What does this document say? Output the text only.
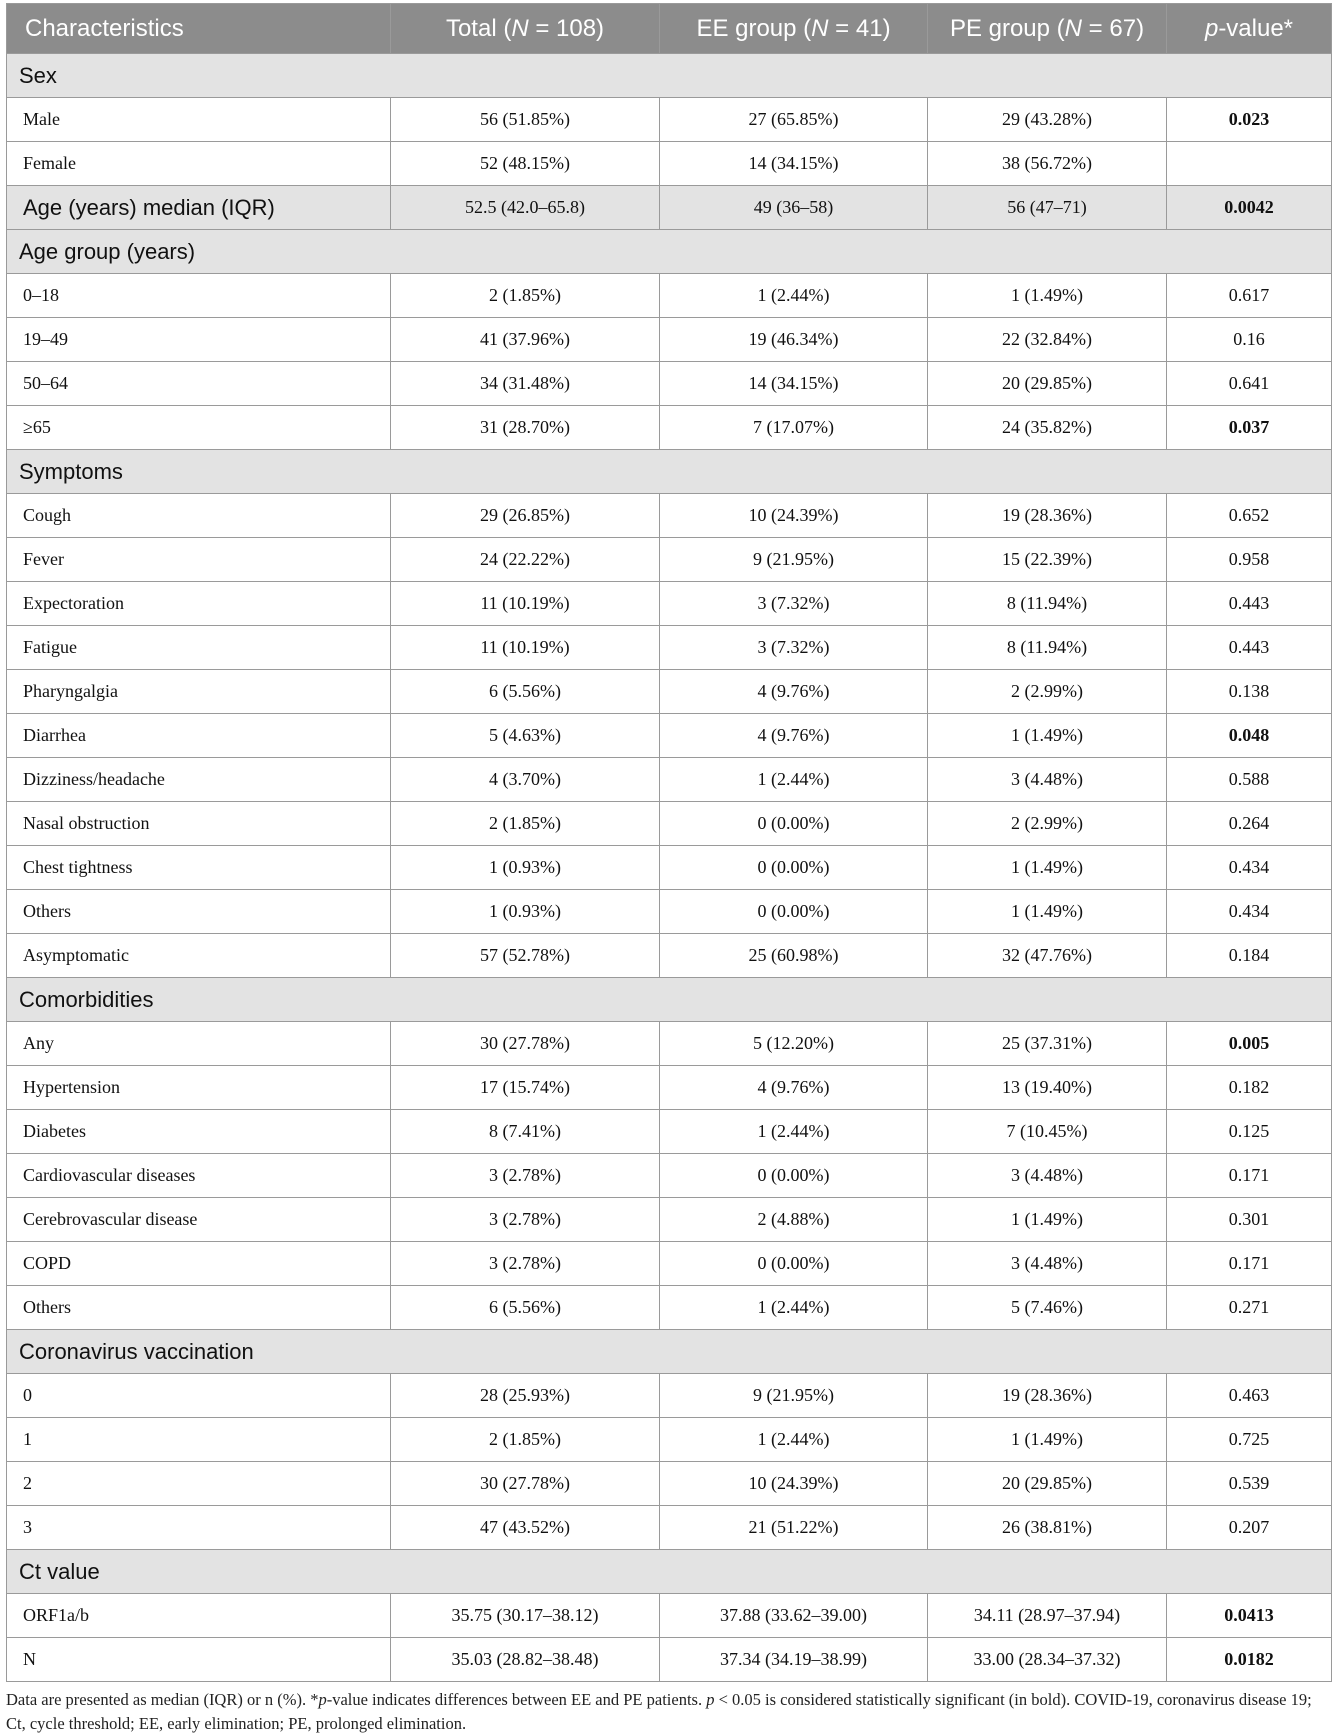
Characteristics	Total (N = 108)	EE group (N = 41)	PE group (N = 67)	p-value*
Sex				
Male	56 (51.85%)	27 (65.85%)	29 (43.28%)	0.023
Female	52 (48.15%)	14 (34.15%)	38 (56.72%)	
Age (years) median (IQR)	52.5 (42.0–65.8)	49 (36–58)	56 (47–71)	0.0042
Age group (years)				
0–18	2 (1.85%)	1 (2.44%)	1 (1.49%)	0.617
19–49	41 (37.96%)	19 (46.34%)	22 (32.84%)	0.16
50–64	34 (31.48%)	14 (34.15%)	20 (29.85%)	0.641
≥65	31 (28.70%)	7 (17.07%)	24 (35.82%)	0.037
Symptoms				
Cough	29 (26.85%)	10 (24.39%)	19 (28.36%)	0.652
Fever	24 (22.22%)	9 (21.95%)	15 (22.39%)	0.958
Expectoration	11 (10.19%)	3 (7.32%)	8 (11.94%)	0.443
Fatigue	11 (10.19%)	3 (7.32%)	8 (11.94%)	0.443
Pharyngalgia	6 (5.56%)	4 (9.76%)	2 (2.99%)	0.138
Diarrhea	5 (4.63%)	4 (9.76%)	1 (1.49%)	0.048
Dizziness/headache	4 (3.70%)	1 (2.44%)	3 (4.48%)	0.588
Nasal obstruction	2 (1.85%)	0 (0.00%)	2 (2.99%)	0.264
Chest tightness	1 (0.93%)	0 (0.00%)	1 (1.49%)	0.434
Others	1 (0.93%)	0 (0.00%)	1 (1.49%)	0.434
Asymptomatic	57 (52.78%)	25 (60.98%)	32 (47.76%)	0.184
Comorbidities				
Any	30 (27.78%)	5 (12.20%)	25 (37.31%)	0.005
Hypertension	17 (15.74%)	4 (9.76%)	13 (19.40%)	0.182
Diabetes	8 (7.41%)	1 (2.44%)	7 (10.45%)	0.125
Cardiovascular diseases	3 (2.78%)	0 (0.00%)	3 (4.48%)	0.171
Cerebrovascular disease	3 (2.78%)	2 (4.88%)	1 (1.49%)	0.301
COPD	3 (2.78%)	0 (0.00%)	3 (4.48%)	0.171
Others	6 (5.56%)	1 (2.44%)	5 (7.46%)	0.271
Coronavirus vaccination				
0	28 (25.93%)	9 (21.95%)	19 (28.36%)	0.463
1	2 (1.85%)	1 (2.44%)	1 (1.49%)	0.725
2	30 (27.78%)	10 (24.39%)	20 (29.85%)	0.539
3	47 (43.52%)	21 (51.22%)	26 (38.81%)	0.207
Ct value				
ORF1a/b	35.75 (30.17–38.12)	37.88 (33.62–39.00)	34.11 (28.97–37.94)	0.0413
N	35.03 (28.82–38.48)	37.34 (34.19–38.99)	33.00 (28.34–37.32)	0.0182
Data are presented as median (IQR) or n (%). *p-value indicates differences between EE and PE patients. p < 0.05 is considered statistically significant (in bold). COVID-19, coronavirus disease 19; Ct, cycle threshold; EE, early elimination; PE, prolonged elimination.
